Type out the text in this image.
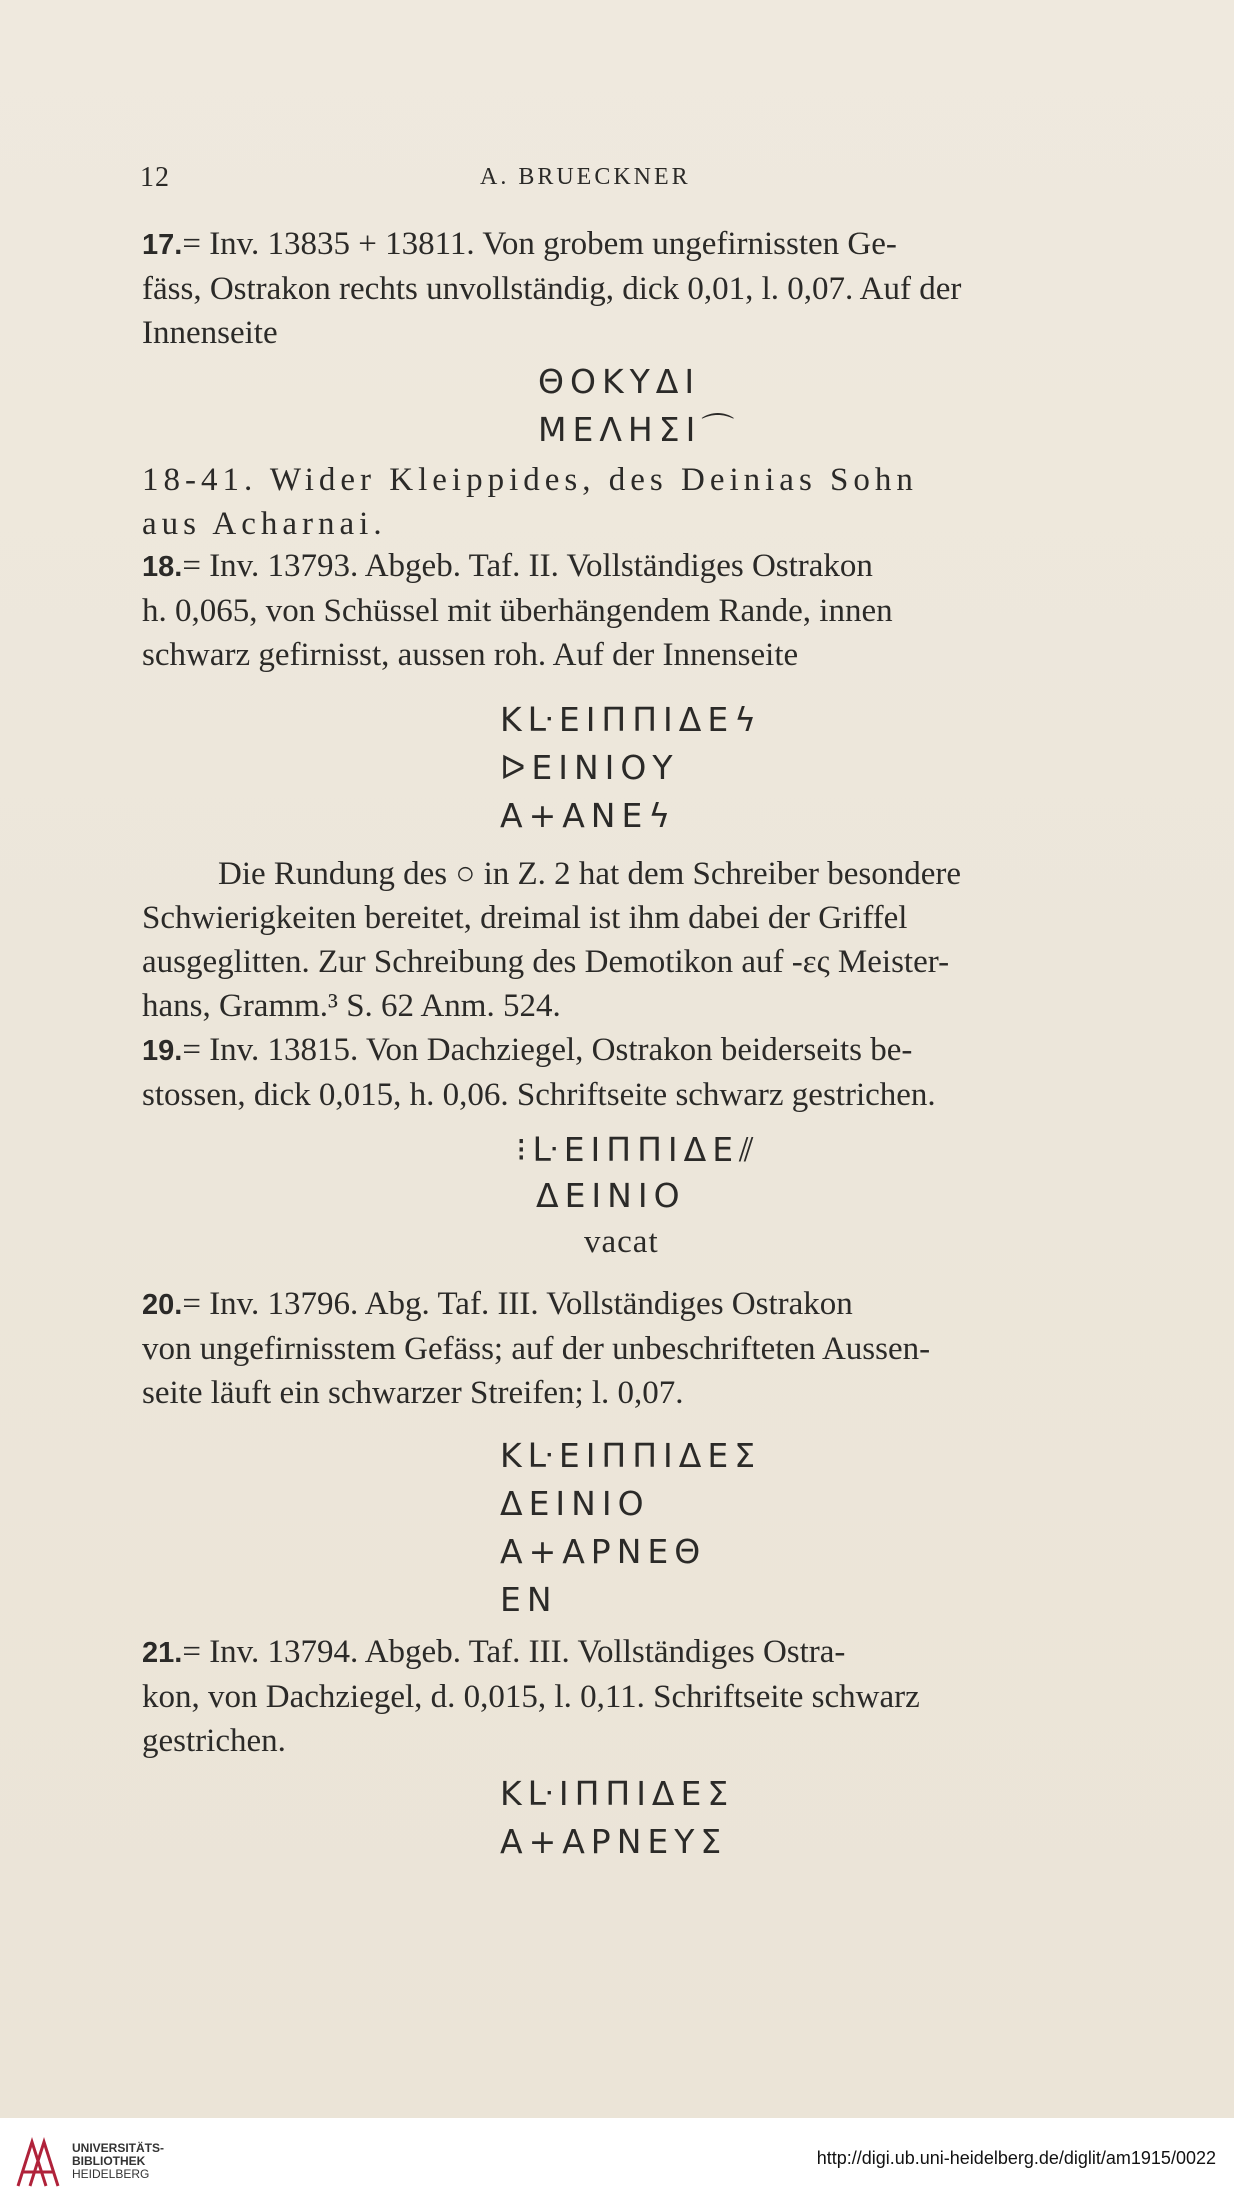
12	A. BRUECKNER
17.= Inv. 13835 + 13811. Von grobem ungefirnissten Ge-
fäss, Ostrakon rechts unvollständig, dick 0,01, l. 0,07. Auf der
Innenseite
ΘΟΚΥΔΙ
ΜΕΛΗΣΙ⌒
18-41. Wider Kleippides, des Deinias Sohn
aus Acharnai.
18.= Inv. 13793. Abgeb. Taf. II. Vollständiges Ostrakon
h. 0,065, von Schüssel mit überhängendem Rande, innen
schwarz gefirnisst, aussen roh. Auf der Innenseite
ΚᒷΕΙΠΠΙΔΕϟ
ᐅΕΙΝΙΟΥ
Α+ΑΝΕϟ
Die Rundung des ○ in Z. 2 hat dem Schreiber besondere
Schwierigkeiten bereitet, dreimal ist ihm dabei der Griffel
ausgeglitten. Zur Schreibung des Demotikon auf -ες Meister-
hans, Gramm.³ S. 62 Anm. 524.
19.= Inv. 13815. Von Dachziegel, Ostrakon beiderseits be-
stossen, dick 0,015, h. 0,06. Schriftseite schwarz gestrichen.
⁝ᒷΕΙΠΠΙΔΕ⫽
ΔΕΙΝΙΟ
vacat
20.= Inv. 13796. Abg. Taf. III. Vollständiges Ostrakon
von ungefirnisstem Gefäss; auf der unbeschrifteten Aussen-
seite läuft ein schwarzer Streifen; l. 0,07.
ΚᒷΕΙΠΠΙΔΕΣ
ΔΕΙΝΙΟ
Α+ΑΡΝΕΘ
ΕΝ
21.= Inv. 13794. Abgeb. Taf. III. Vollständiges Ostra-
kon, von Dachziegel, d. 0,015, l. 0,11. Schriftseite schwarz
gestrichen.
ΚᒷΙΠΠΙΔΕΣ
Α+ΑΡΝΕΥΣ
UNIVERSITÄTS-
BIBLIOTHEK
HEIDELBERG
http://digi.ub.uni-heidelberg.de/diglit/am1915/0022
